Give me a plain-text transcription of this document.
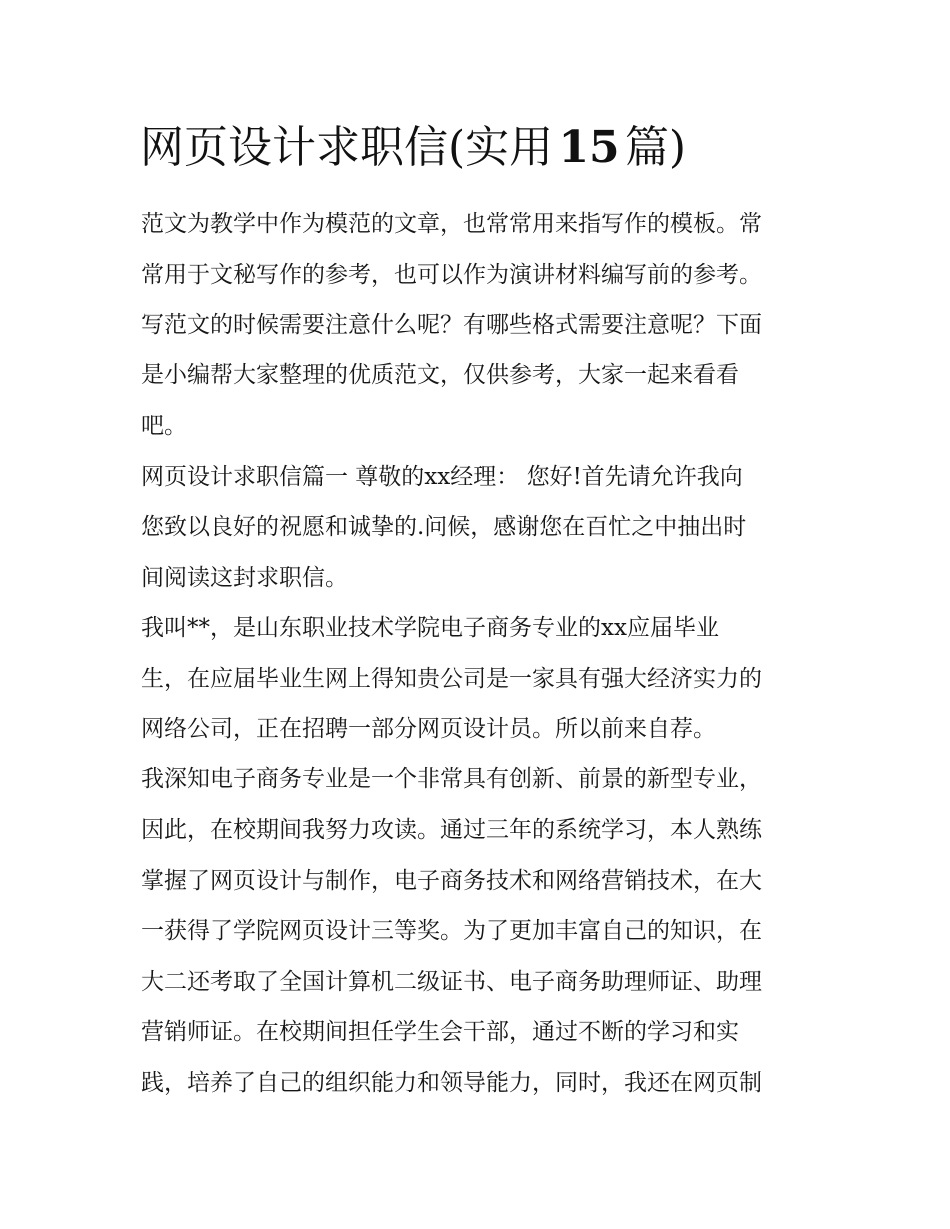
网页设计求职信(实用 15 篇)
范文为教学中作为模范的文章，也常常用来指写作的模板。常
常用于文秘写作的参考，也可以作为演讲材料编写前的参考。
写范文的时候需要注意什么呢？有哪些格式需要注意呢？下面
是小编帮大家整理的优质范文，仅供参考，大家一起来看看
吧。
网页设计求职信篇一 尊敬的xx经理： 您好!首先请允许我向
您致以良好的祝愿和诚挚的.问候，感谢您在百忙之中抽出时
间阅读这封求职信。
我叫**，是山东职业技术学院电子商务专业的xx应届毕业
生，在应届毕业生网上得知贵公司是一家具有强大经济实力的
网络公司，正在招聘一部分网页设计员。所以前来自荐。
我深知电子商务专业是一个非常具有创新、前景的新型专业，
因此，在校期间我努力攻读。通过三年的系统学习，本人熟练
掌握了网页设计与制作，电子商务技术和网络营销技术，在大
一获得了学院网页设计三等奖。为了更加丰富自己的知识，在
大二还考取了全国计算机二级证书、电子商务助理师证、助理
营销师证。在校期间担任学生会干部，通过不断的学习和实
践，培养了自己的组织能力和领导能力，同时，我还在网页制
